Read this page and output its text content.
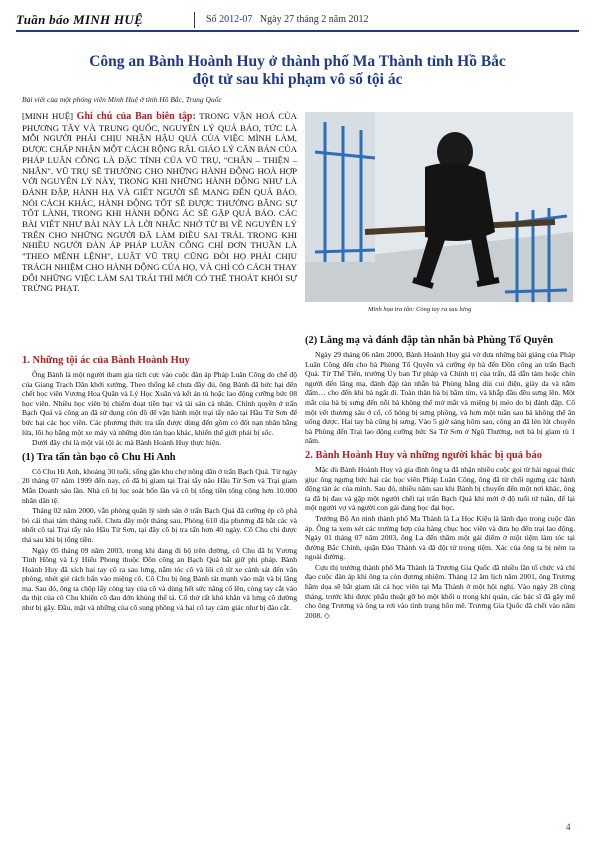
Tuần báo MINH HUỆ	Số 2012-07 Ngày 27 tháng 2 năm 2012
Công an Bành Hoành Huy ở thành phố Ma Thành tỉnh Hồ Bắc
đột tử sau khi phạm vô số tội ác
Bài viết của một phóng viên Minh Huệ ở tỉnh Hồ Bắc, Trung Quốc
[MINH HUỆ] Ghi chú của Ban biên tập: TRONG VẬN HOÁ CỦA PHƯƠNG TÂY VÀ TRUNG QUỐC, NGUYÊN LÝ QUẢ BÁO, TỨC LÀ MỖI NGƯỜI PHẢI CHỊU NHẬN HẬU QUẢ CỦA VIỆC MÌNH LÀM, ĐƯỢC CHẤP NHẬN MỘT CÁCH RỘNG RÃI. GIÁO LÝ CĂN BẢN CỦA PHÁP LUÂN CÔNG LÀ ĐẶC TÍNH CỦA VŨ TRỤ, "CHÂN – THIỆN – NHẪN". VŨ TRỤ SẼ THƯỜNG CHO NHỮNG HÀNH ĐỘNG HOÀ HỢP VỚI NGUYÊN LÝ NÀY, TRONG KHI NHỮNG HÀNH ĐỘNG NHƯ LÀ ĐÁNH ĐẬP, HÀNH HẠ VÀ GIẾT NGƯỜI SẼ MANG ĐẾN QUẢ BÁO. NÓI CÁCH KHÁC, HÀNH ĐỘNG TỐT SẼ ĐƯỢC THƯỞNG BẰNG SỰ TỐT LÀNH, TRONG KHI HÀNH ĐỘNG ÁC SẼ GẶP QUẢ BÁO. CÁC BÀI VIẾT NHƯ BÀI NÀY LÀ LỜI NHẮC NHỞ TỪ BI VỀ NGUYÊN LÝ TRÊN CHO NHỮNG NGƯỜI ĐÃ LÀM ĐIỀU SAI TRÁI. TRONG KHI NHIỀU NGƯỜI ĐÀN ÁP PHÁP LUÂN CÔNG CHỈ ĐƠN THUẦN LÀ "THEO MỆNH LỆNH", LUẬT VŨ TRỤ CŨNG ĐÒI HỌ PHẢI CHỊU TRÁCH NHIỆM CHO HÀNH ĐỘNG CỦA HỌ, VÀ CHỈ CÓ CÁCH THAY ĐỔI NHỮNG VIỆC LÀM SAI TRÁI THÌ MỚI CÓ THỂ THOÁT KHỎI SỰ TRỪNG PHẠT.
Minh họa tra tấn: Còng tay ra sau lưng
1. Những tội ác của Bành Hoành Huy

Ông Bành là một người tham gia tích cực vào cuộc đàn áp Pháp Luân Công do chế độ của Giang Trạch Dân khởi xướng. Theo thống kê chưa đầy đủ, ông Bành đã bức hại đến chết học viên Vương Hoa Quân và Lý Học Xuân và kết án tù hoặc lao động cưỡng bức 08 học viên. Nhiều học viên bị chiếm đoạt tiền bạc và tài sản cá nhân. Chính quyền ở trấn Bạch Quả và công an đã sử dụng còn đồ để vận hành một trại tẩy não tại Hầu Tử Sơn để bức hại các học viên. Các phương thức tra tấn được dùng đến gồm có đốt nạn nhân bằng lửa, lôi họ bằng một xe máy và những đòn tàn bạo khác, khiến thể giới phải bị sốc.

Dưới đây chỉ là một vài tội ác mà Bành Hoành Huy thực hiện.

(1) Tra tấn tàn bạo cô Chu Hi Anh

Cô Chu Hi Anh, khoảng 30 tuổi, sống gần khu chợ nông dân ở trấn Bạch Quả. Từ ngày 20 tháng 07 năm 1999 đến nay, cô đã bị giam tại Trại tẩy não Hầu Tử Sơn và Trại giam Mẫn Doanh sáu lần. Nhà cô bị lục soát bốn lần và cô bị tống tiền tổng cộng hơn 10.000 nhân dân tệ.

Tháng 02 năm 2000, vẫn phòng quân lý sinh sản ở trấn Bạch Quả đã cưỡng ép cô phá bỏ cái thai tám tháng tuổi. Chưa đầy một tháng sau, Phòng 610 địa phương đã bắt các và nhốt cô tại Trại tẩy não Hầu Tử Sơn, tại đây cô bị tra tấn hơn 40 ngày. Cô Chu chỉ được thả sau khi bị tống tiền.

Ngày 05 tháng 09 năm 2003, trong khi đang đi bộ trên đường, cô Chu đã bị Vương Tình Hồng và Lý Hiểu Phong thuộc Đồn công an Bạch Quả bắt giữ phi pháp. Bành Hoành Huy đã xích hai tay cô ra sau lưng, nắm tóc cô và lôi cô từ xe cảnh sát đến văn phòng, nhét giẻ rách bẩn vào miệng cô. Cô Chu bị ông Bành tát mạnh vào mặt và bị lăng mạ. Sau đó, ông ta chộp lấy còng tay của cô và dùng hết sức nâng cổ lên, còng tay cắt vào da thịt của cô Chu khiến cô đau đớn khủng thế tả. Cổ thở rất khó khăn và lưng cô dường như bị gãy. Đầu, mặt và những của cô sung phồng và hai cổ tay cảm giác như bị đào cắt.

(2) Lăng mạ và đánh đập tàn nhẫn bà Phùng Tố Quyên

Ngày 29 tháng 06 năm 2000, Bành Hoành Huy giả vờ đưa những bài giảng của Pháp Luân Công đến cho bà Phùng Tố Quyên và cưỡng ép bà đến Đồn công an trấn Bạch Quả. Từ Thế Tiến, trưởng Ủy ban Tư pháp và Chính trị của trấn, đã dẫn tám hoặc chín người đến lăng mạ, đánh đập tàn nhẫn bà Phùng bằng dùi cui điện, giày da và nắm đấm… cho đến khi bà ngất đi. Toàn thân bà bị bầm tím, và khắp đầu đều sưng lên. Một mắt của bà bị sưng đến nỗi bà không thể mở mắt và miệng bị méo do bị đánh đập. Cổ một vết thương sâu ở cổ, cổ hỏng bị sưng phồng, và hơn một tuần sau bà không thể ăn uống được. Hai tay bà cũng bị sưng. Vào 5 giờ sáng hôm sau, công an đã lén lút chuyển bà Phùng đến Trại lao động cưỡng bức Sa Tử Sơn ở Ngũ Thường, nơi bà bị giam tù 1 năm.

2. Bành Hoành Huy và những người khác bị quả báo

Mặc dù Bành Hoành Huy và gia đình ông ta đã nhận nhiều cuộc gọi từ hải ngoại thúc giục ông ngưng bức hại các học viên Pháp Luân Công, ông đã từ chối ngưng các hành động tàn ác của mình. Sau đó, nhiều năm sau khi Bành bị chuyển đến một nơi khác, ông ta đã bị đau và gặp một người chết tại trấn Bạch Quả khi mới ở độ tuổi tứ tuần, để lại một người vợ và người con gái đang học đại học.

Trưởng Bộ An ninh thành phố Ma Thành là La Học Kiệu là lãnh đạo trong cuộc đàn áp. Ông ta xem xét các trường hợp của hàng chục học viên và đưa họ đến trại lao động. Ngày 01 tháng 07 năm 2003, ông La đến thăm một gái điếm ở một tiệm làm tóc tại đường Bắc Chính, quận Đào Thành và đã đột tử trong tiệm. Xác của ông ta bị ném ra ngoài đường.

Cựu thị trưởng thành phố Ma Thành là Trương Gia Quốc đã nhiều lần tổ chức và chỉ đạo cuộc đàn áp khi ông ta còn đương nhiệm. Tháng 12 âm lịch năm 2001, ông Trương hầm dọa sẽ bắt giam tất cả học viên tại Ma Thành ở một hội nghị. Vào ngày 28 cùng tháng, trước khi được phẫu thuật gỡ bỏ một khối u trong khi quán, các bác sĩ đã gây mê cho ông Trương và ông ta rơi vào tình trạng hôn mê. Trương Gia Quốc đã chết vào năm 2008. ◇

4
